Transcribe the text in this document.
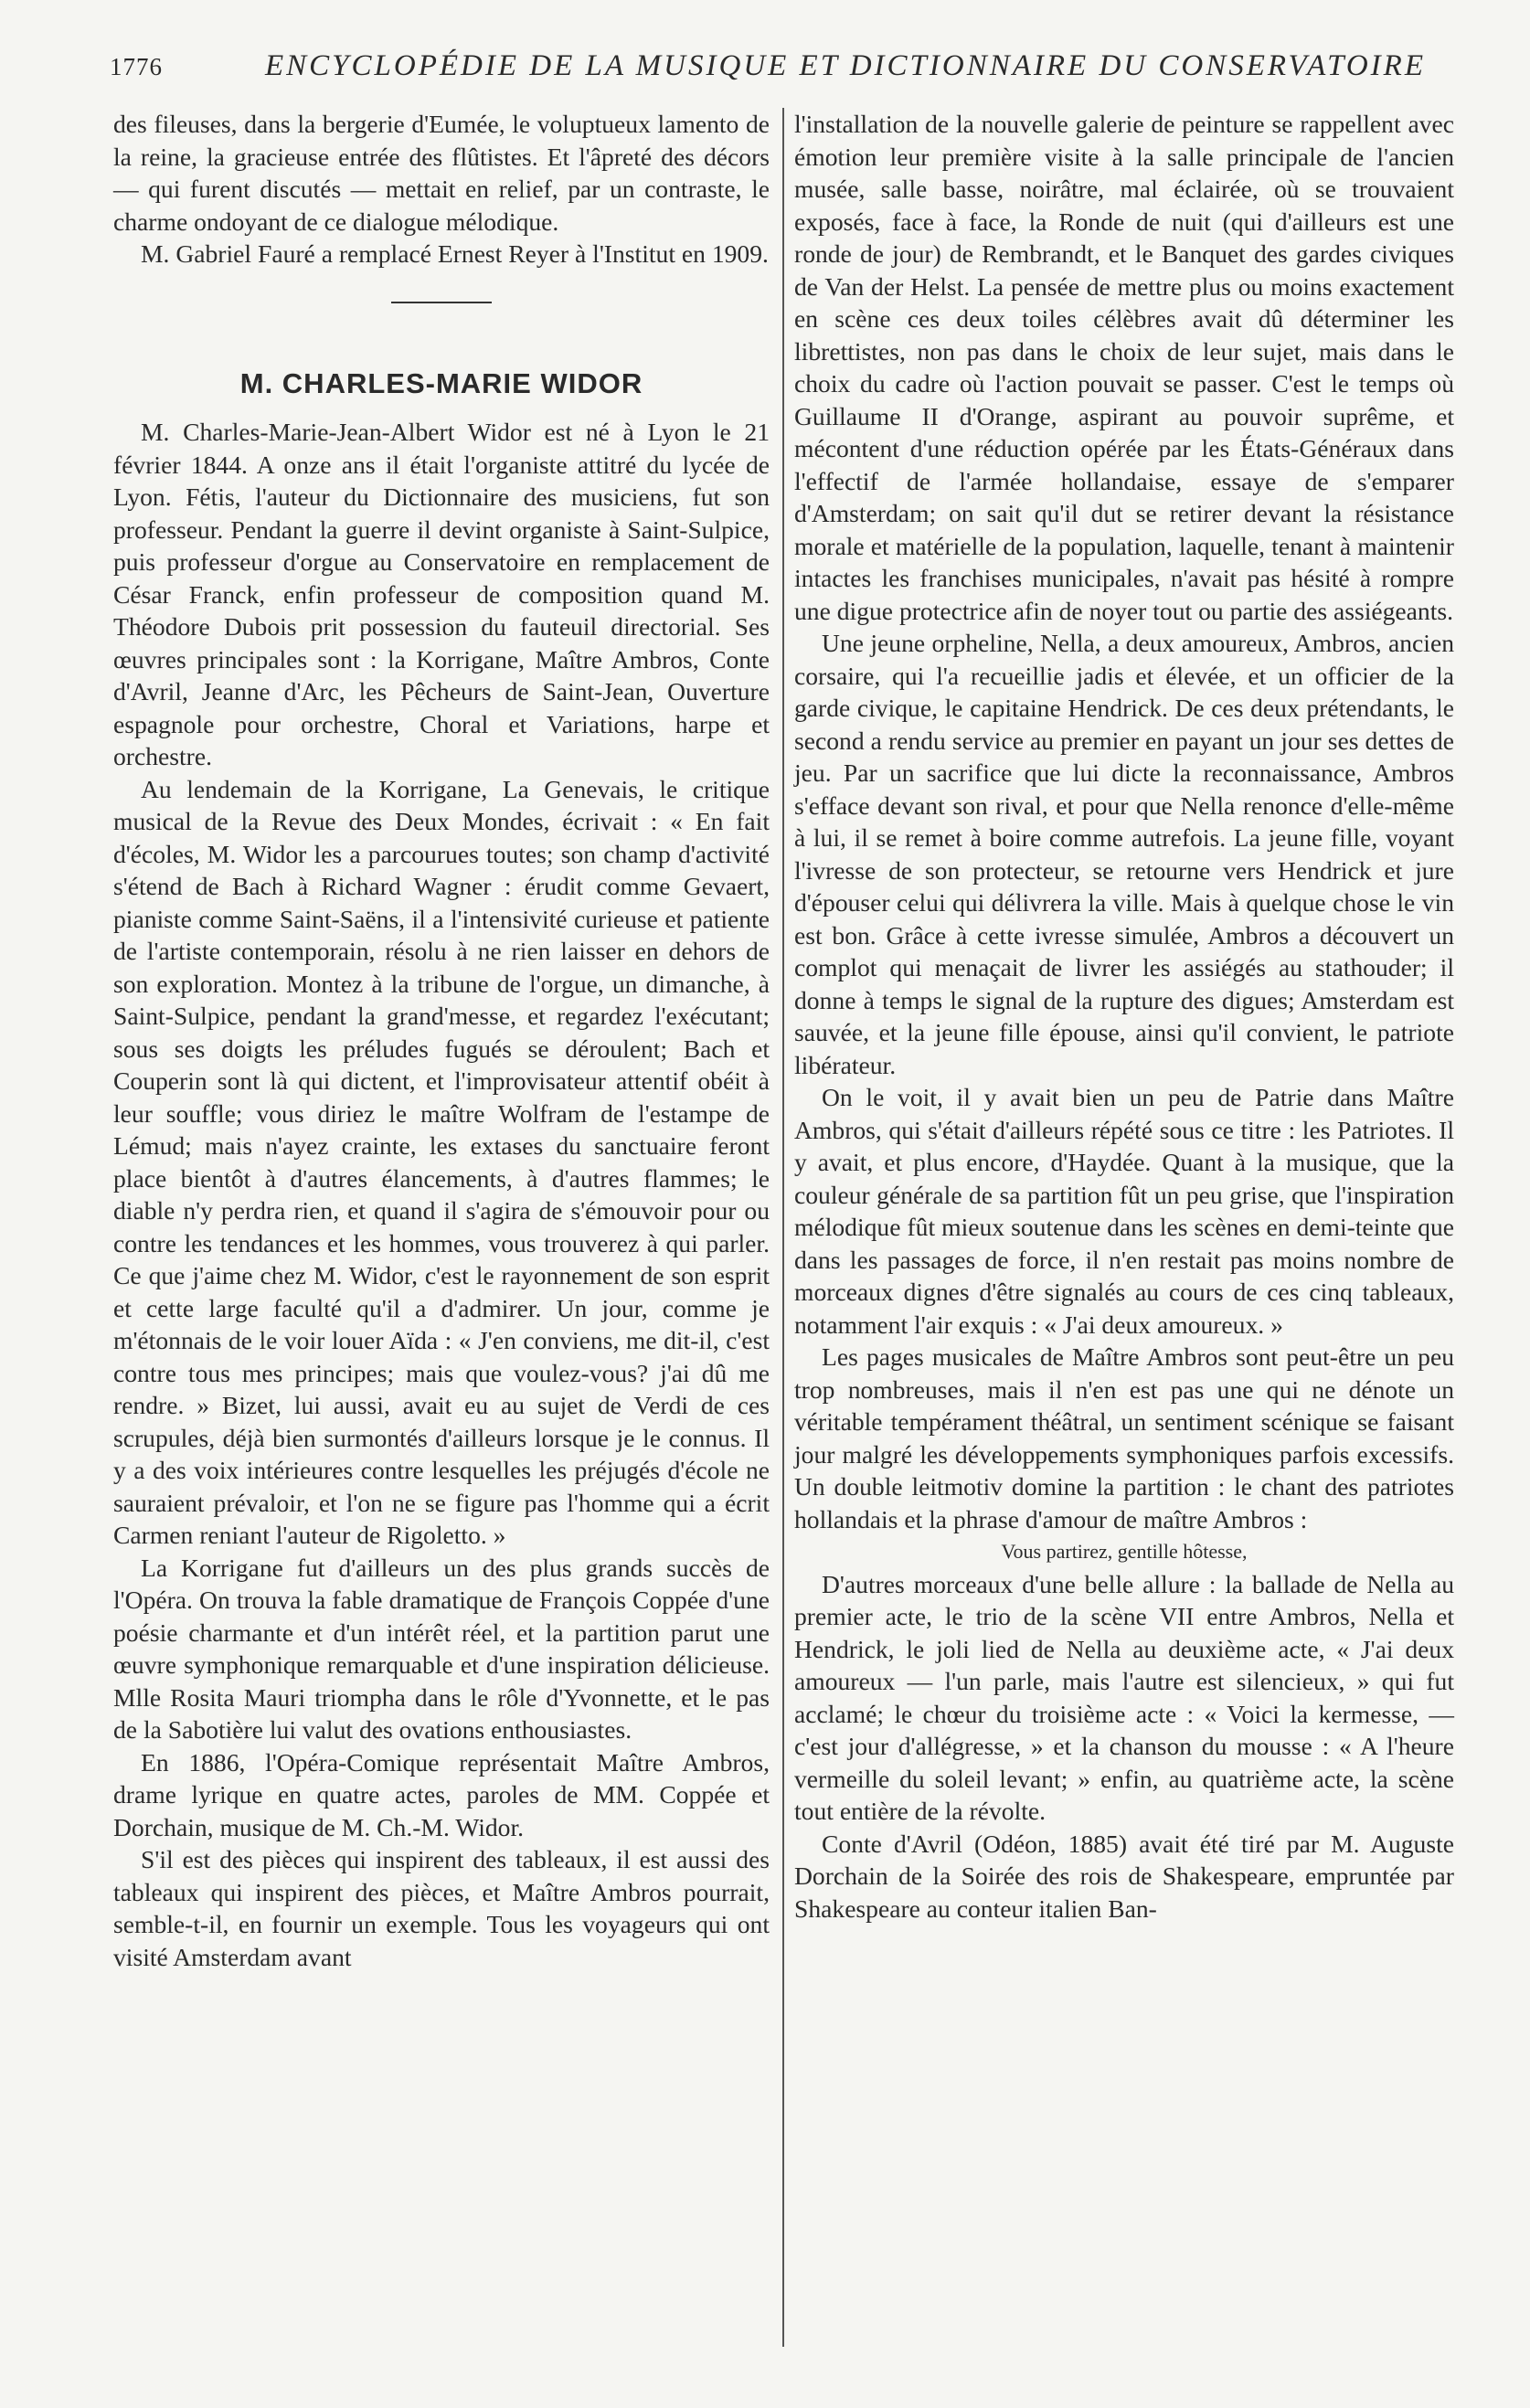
1776	ENCYCLOPÉDIE DE LA MUSIQUE ET DICTIONNAIRE DU CONSERVATOIRE

des fileuses, dans la bergerie d'Eumée, le voluptueux lamento de la reine, la gracieuse entrée des flûtistes. Et l'âpreté des décors — qui furent discutés — mettait en relief, par un contraste, le charme ondoyant de ce dialogue mélodique.

M. Gabriel Fauré a remplacé Ernest Reyer à l'Institut en 1909.

M. CHARLES-MARIE WIDOR

M. Charles-Marie-Jean-Albert Widor est né à Lyon le 21 février 1844. A onze ans il était l'organiste attitré du lycée de Lyon. Fétis, l'auteur du Dictionnaire des musiciens, fut son professeur. Pendant la guerre il devint organiste à Saint-Sulpice, puis professeur d'orgue au Conservatoire en remplacement de César Franck, enfin professeur de composition quand M. Théodore Dubois prit possession du fauteuil directorial. Ses œuvres principales sont : la Korrigane, Maître Ambros, Conte d'Avril, Jeanne d'Arc, les Pêcheurs de Saint-Jean, Ouverture espagnole pour orchestre, Choral et Variations, harpe et orchestre.

Au lendemain de la Korrigane, La Genevais, le critique musical de la Revue des Deux Mondes, écrivait : « En fait d'écoles, M. Widor les a parcourues toutes; son champ d'activité s'étend de Bach à Richard Wagner : érudit comme Gevaert, pianiste comme Saint-Saëns, il a l'intensivité curieuse et patiente de l'artiste contemporain, résolu à ne rien laisser en dehors de son exploration. Montez à la tribune de l'orgue, un dimanche, à Saint-Sulpice, pendant la grand'messe, et regardez l'exécutant; sous ses doigts les préludes fugués se déroulent; Bach et Couperin sont là qui dictent, et l'improvisateur attentif obéit à leur souffle; vous diriez le maître Wolfram de l'estampe de Lémud; mais n'ayez crainte, les extases du sanctuaire feront place bientôt à d'autres élancements, à d'autres flammes; le diable n'y perdra rien, et quand il s'agira de s'émouvoir pour ou contre les tendances et les hommes, vous trouverez à qui parler. Ce que j'aime chez M. Widor, c'est le rayonnement de son esprit et cette large faculté qu'il a d'admirer. Un jour, comme je m'étonnais de le voir louer Aïda : « J'en conviens, me dit-il, c'est contre tous mes principes; mais que voulez-vous? j'ai dû me rendre. » Bizet, lui aussi, avait eu au sujet de Verdi de ces scrupules, déjà bien surmontés d'ailleurs lorsque je le connus. Il y a des voix intérieures contre lesquelles les préjugés d'école ne sauraient prévaloir, et l'on ne se figure pas l'homme qui a écrit Carmen reniant l'auteur de Rigoletto. »

La Korrigane fut d'ailleurs un des plus grands succès de l'Opéra. On trouva la fable dramatique de François Coppée d'une poésie charmante et d'un intérêt réel, et la partition parut une œuvre symphonique remarquable et d'une inspiration délicieuse. Mlle Rosita Mauri triompha dans le rôle d'Yvonnette, et le pas de la Sabotière lui valut des ovations enthousiastes.

En 1886, l'Opéra-Comique représentait Maître Ambros, drame lyrique en quatre actes, paroles de MM. Coppée et Dorchain, musique de M. Ch.-M. Widor.

S'il est des pièces qui inspirent des tableaux, il est aussi des tableaux qui inspirent des pièces, et Maître Ambros pourrait, semble-t-il, en fournir un exemple. Tous les voyageurs qui ont visité Amsterdam avant

l'installation de la nouvelle galerie de peinture se rappellent avec émotion leur première visite à la salle principale de l'ancien musée, salle basse, noirâtre, mal éclairée, où se trouvaient exposés, face à face, la Ronde de nuit (qui d'ailleurs est une ronde de jour) de Rembrandt, et le Banquet des gardes civiques de Van der Helst. La pensée de mettre plus ou moins exactement en scène ces deux toiles célèbres avait dû déterminer les librettistes, non pas dans le choix de leur sujet, mais dans le choix du cadre où l'action pouvait se passer. C'est le temps où Guillaume II d'Orange, aspirant au pouvoir suprême, et mécontent d'une réduction opérée par les États-Généraux dans l'effectif de l'armée hollandaise, essaye de s'emparer d'Amsterdam; on sait qu'il dut se retirer devant la résistance morale et matérielle de la population, laquelle, tenant à maintenir intactes les franchises municipales, n'avait pas hésité à rompre une digue protectrice afin de noyer tout ou partie des assiégeants.

Une jeune orpheline, Nella, a deux amoureux, Ambros, ancien corsaire, qui l'a recueillie jadis et élevée, et un officier de la garde civique, le capitaine Hendrick. De ces deux prétendants, le second a rendu service au premier en payant un jour ses dettes de jeu. Par un sacrifice que lui dicte la reconnaissance, Ambros s'efface devant son rival, et pour que Nella renonce d'elle-même à lui, il se remet à boire comme autrefois. La jeune fille, voyant l'ivresse de son protecteur, se retourne vers Hendrick et jure d'épouser celui qui délivrera la ville. Mais à quelque chose le vin est bon. Grâce à cette ivresse simulée, Ambros a découvert un complot qui menaçait de livrer les assiégés au stathouder; il donne à temps le signal de la rupture des digues; Amsterdam est sauvée, et la jeune fille épouse, ainsi qu'il convient, le patriote libérateur.

On le voit, il y avait bien un peu de Patrie dans Maître Ambros, qui s'était d'ailleurs répété sous ce titre : les Patriotes. Il y avait, et plus encore, d'Haydée. Quant à la musique, que la couleur générale de sa partition fût un peu grise, que l'inspiration mélodique fût mieux soutenue dans les scènes en demi-teinte que dans les passages de force, il n'en restait pas moins nombre de morceaux dignes d'être signalés au cours de ces cinq tableaux, notamment l'air exquis : « J'ai deux amoureux. »

Les pages musicales de Maître Ambros sont peut-être un peu trop nombreuses, mais il n'en est pas une qui ne dénote un véritable tempérament théâtral, un sentiment scénique se faisant jour malgré les développements symphoniques parfois excessifs. Un double leitmotiv domine la partition : le chant des patriotes hollandais et la phrase d'amour de maître Ambros :

Vous partirez, gentille hôtesse,

D'autres morceaux d'une belle allure : la ballade de Nella au premier acte, le trio de la scène VII entre Ambros, Nella et Hendrick, le joli lied de Nella au deuxième acte, « J'ai deux amoureux — l'un parle, mais l'autre est silencieux, » qui fut acclamé; le chœur du troisième acte : « Voici la kermesse, — c'est jour d'allégresse, » et la chanson du mousse : « A l'heure vermeille du soleil levant; » enfin, au quatrième acte, la scène tout entière de la révolte.

Conte d'Avril (Odéon, 1885) avait été tiré par M. Auguste Dorchain de la Soirée des rois de Shakespeare, empruntée par Shakespeare au conteur italien Ban-
